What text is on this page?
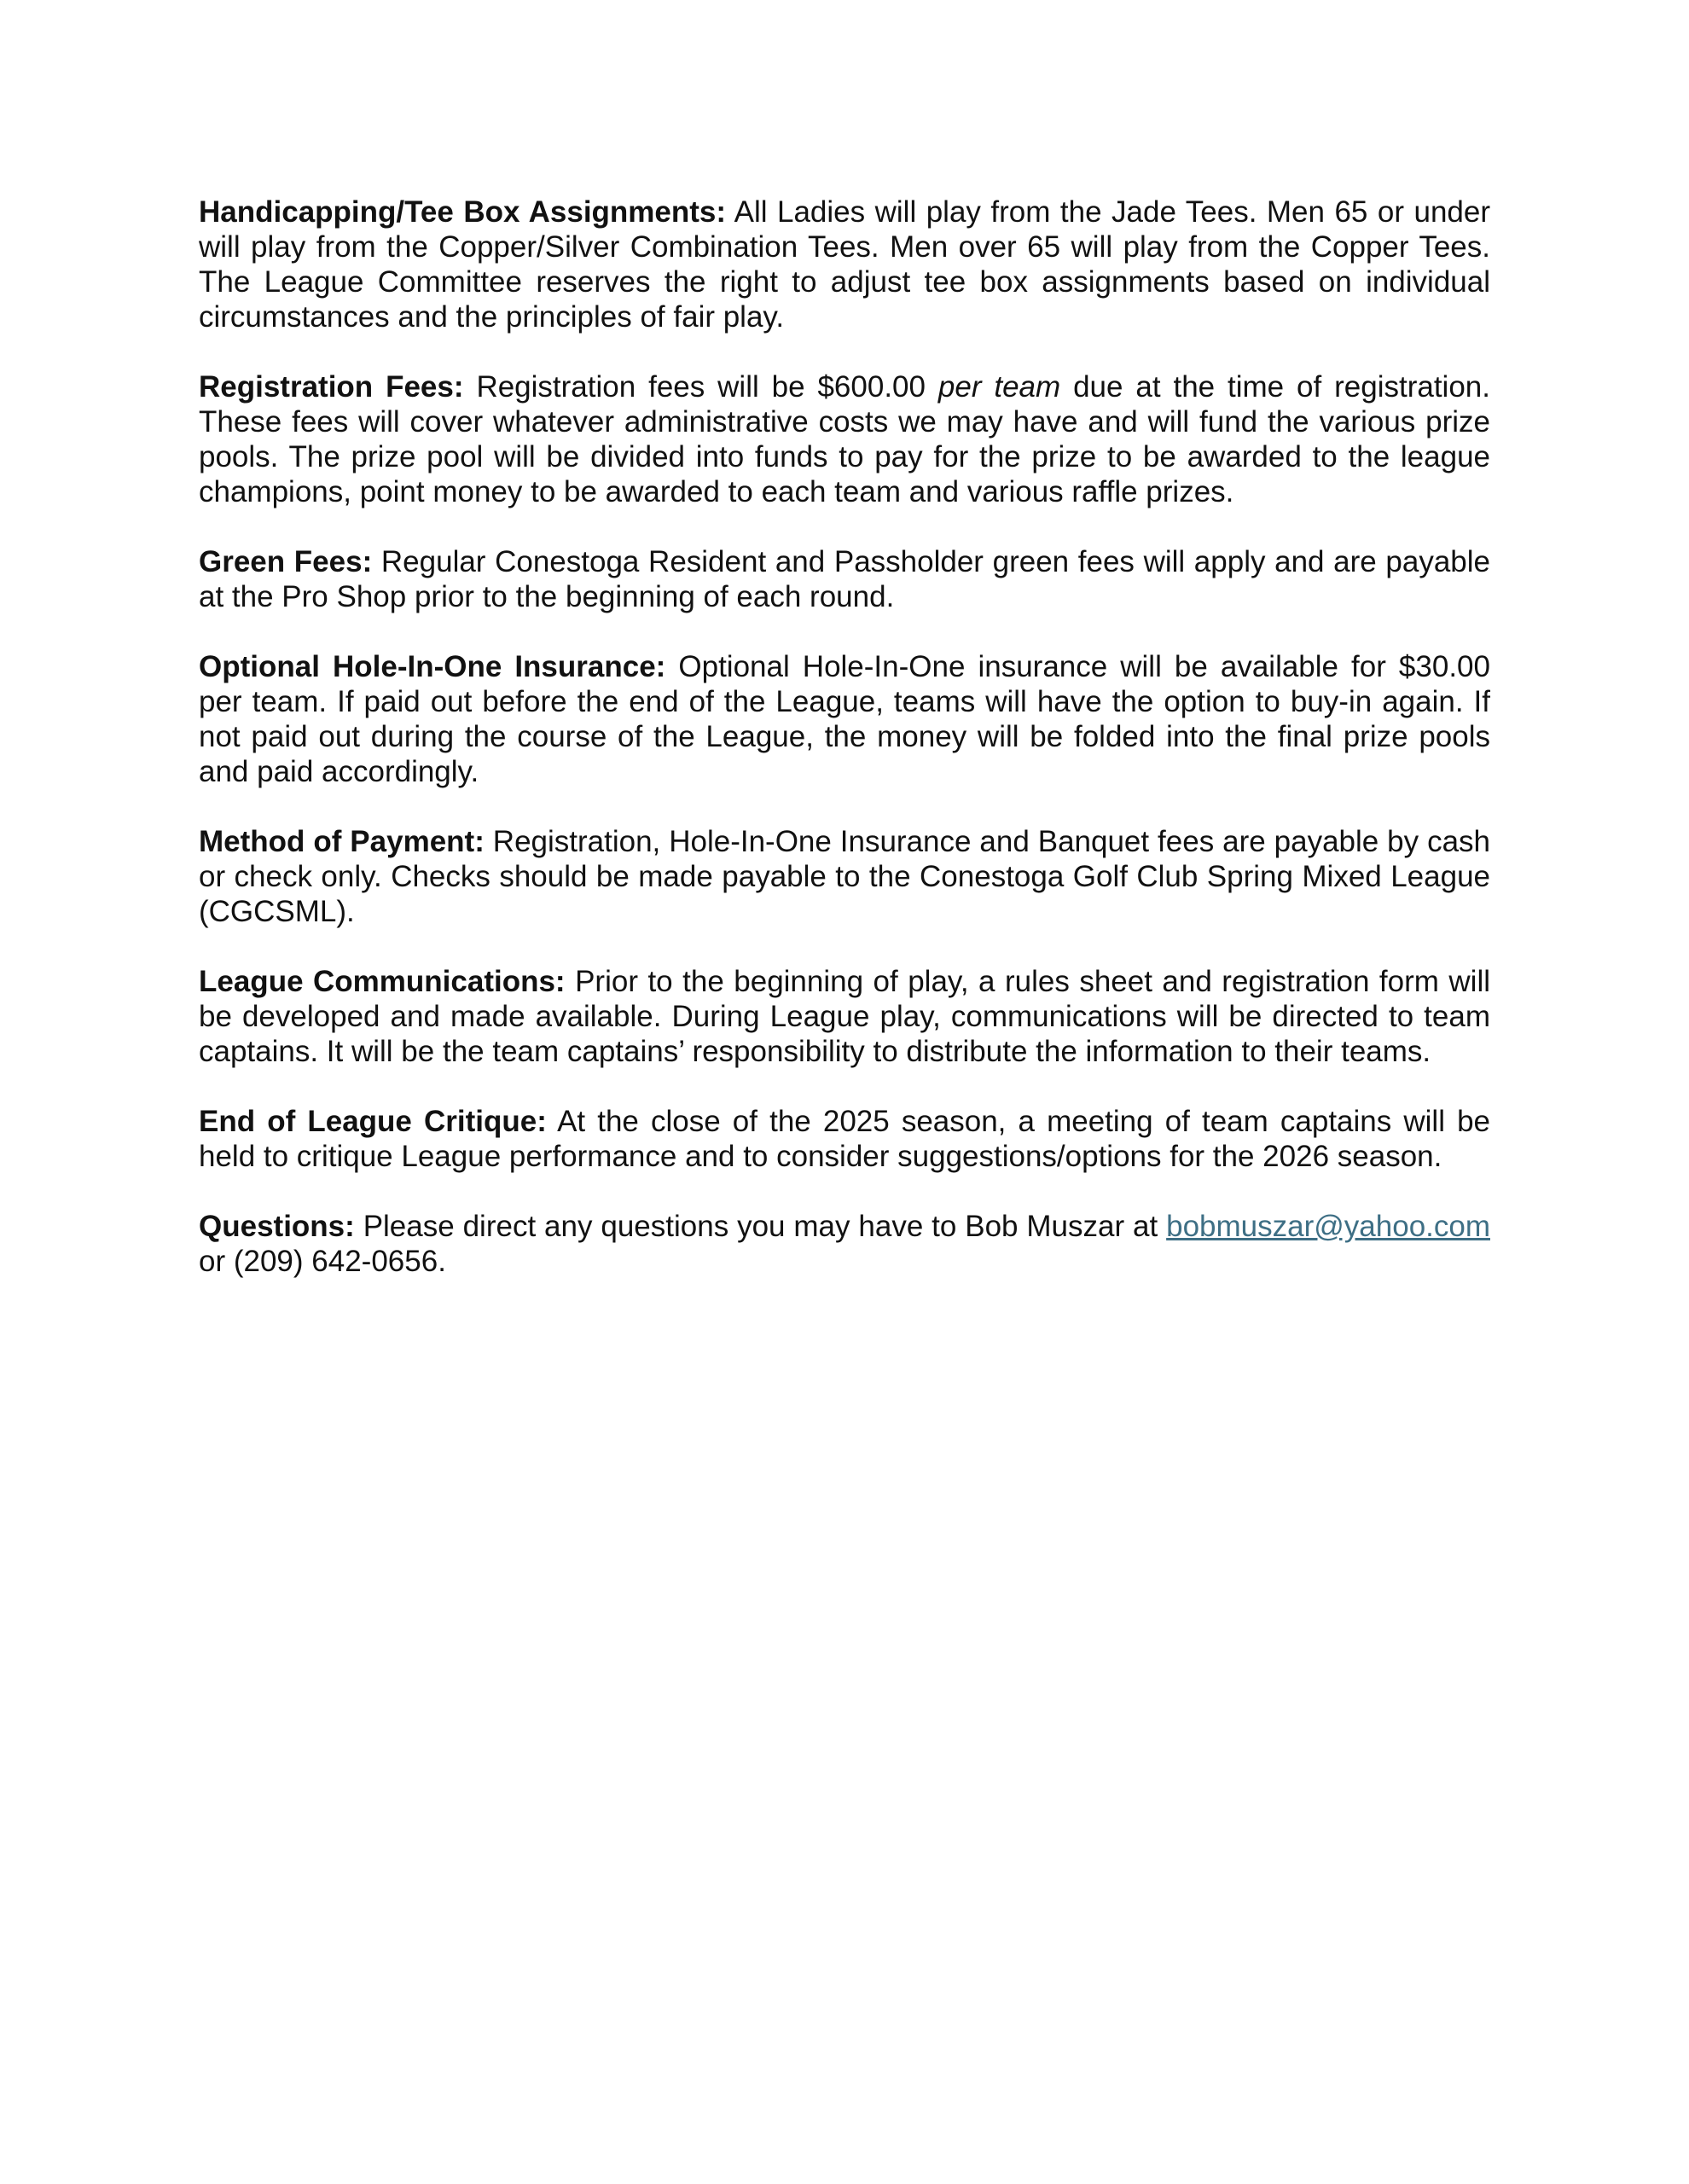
Handicapping/Tee Box Assignments: All Ladies will play from the Jade Tees. Men 65 or under will play from the Copper/Silver Combination Tees. Men over 65 will play from the Copper Tees. The League Committee reserves the right to adjust tee box assignments based on individual circumstances and the principles of fair play.

Registration Fees: Registration fees will be $600.00 per team due at the time of registration. These fees will cover whatever administrative costs we may have and will fund the various prize pools. The prize pool will be divided into funds to pay for the prize to be awarded to the league champions, point money to be awarded to each team and various raffle prizes.

Green Fees: Regular Conestoga Resident and Passholder green fees will apply and are payable at the Pro Shop prior to the beginning of each round.

Optional Hole-In-One Insurance: Optional Hole-In-One insurance will be available for $30.00 per team. If paid out before the end of the League, teams will have the option to buy-in again. If not paid out during the course of the League, the money will be folded into the final prize pools and paid accordingly.

Method of Payment: Registration, Hole-In-One Insurance and Banquet fees are payable by cash or check only. Checks should be made payable to the Conestoga Golf Club Spring Mixed League (CGCSML).

League Communications: Prior to the beginning of play, a rules sheet and registration form will be developed and made available. During League play, communications will be directed to team captains. It will be the team captains’ responsibility to distribute the information to their teams.

End of League Critique: At the close of the 2025 season, a meeting of team captains will be held to critique League performance and to consider suggestions/options for the 2026 season.

Questions: Please direct any questions you may have to Bob Muszar at bobmuszar@yahoo.com or (209) 642-0656.
